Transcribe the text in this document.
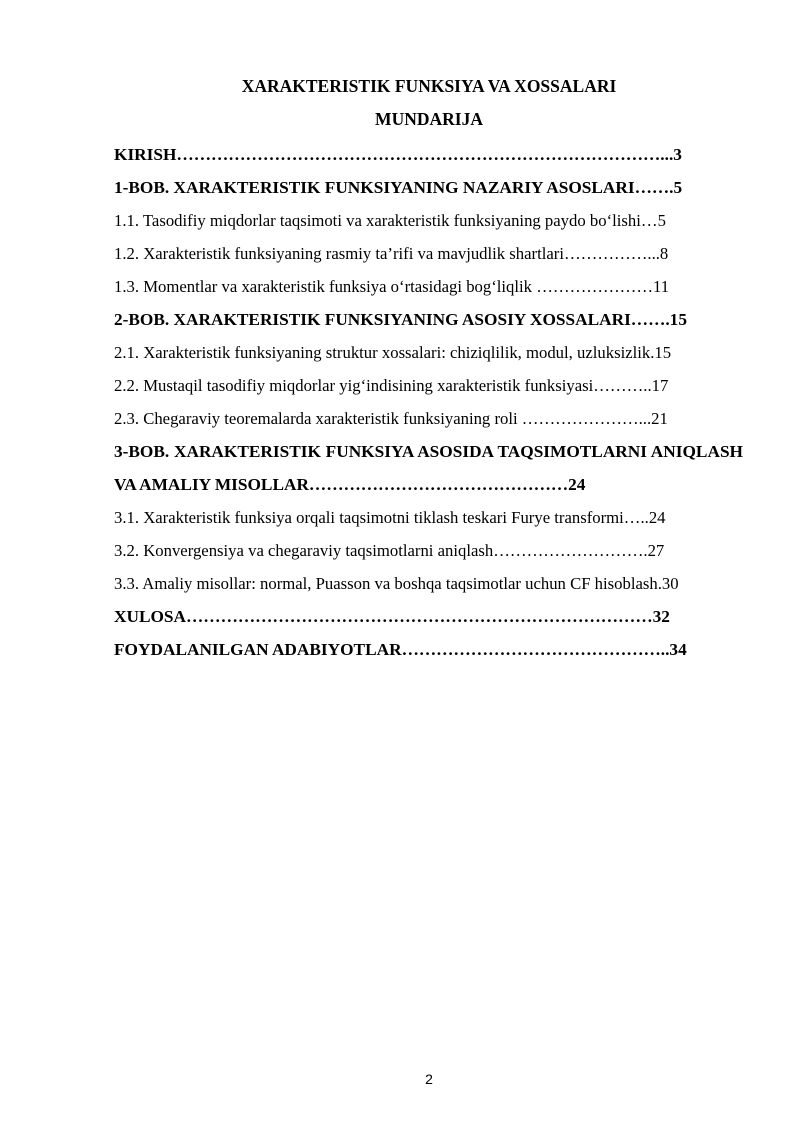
XARAKTERISTIK FUNKSIYA VA XOSSALARI
MUNDARIJA
KIRISH…………………………………………………………………………...3
1-BOB. XARAKTERISTIK FUNKSIYANING NAZARIY ASOSLARI…….5
1.1. Tasodifiy miqdorlar taqsimoti va xarakteristik funksiyaning paydo bo‘lishi…5
1.2. Xarakteristik funksiyaning rasmiy ta’rifi va mavjudlik shartlari……………...8
1.3. Momentlar va xarakteristik funksiya o‘rtasidagi bog‘liqlik …………………11
2-BOB. XARAKTERISTIK FUNKSIYANING ASOSIY XOSSALARI…….15
2.1. Xarakteristik funksiyaning struktur xossalari: chiziqlilik, modul, uzluksizlik.15
2.2. Mustaqil tasodifiy miqdorlar yig‘indisining xarakteristik funksiyasi………..17
2.3. Chegaraviy teoremalarda xarakteristik funksiyaning roli …………………...21
3-BOB. XARAKTERISTIK FUNKSIYA ASOSIDA TAQSIMOTLARNI ANIQLASH VA AMALIY MISOLLAR………………………………………24
3.1. Xarakteristik funksiya orqali taqsimotni tiklash teskari Furye transformi…..24
3.2. Konvergensiya va chegaraviy taqsimotlarni aniqlash……………………….27
3.3. Amaliy misollar: normal, Puasson va boshqa taqsimotlar uchun CF hisoblash.30
XULOSA………………………………………………………………………32
FOYDALANILGAN ADABIYOTLAR………………………………………..34
2
